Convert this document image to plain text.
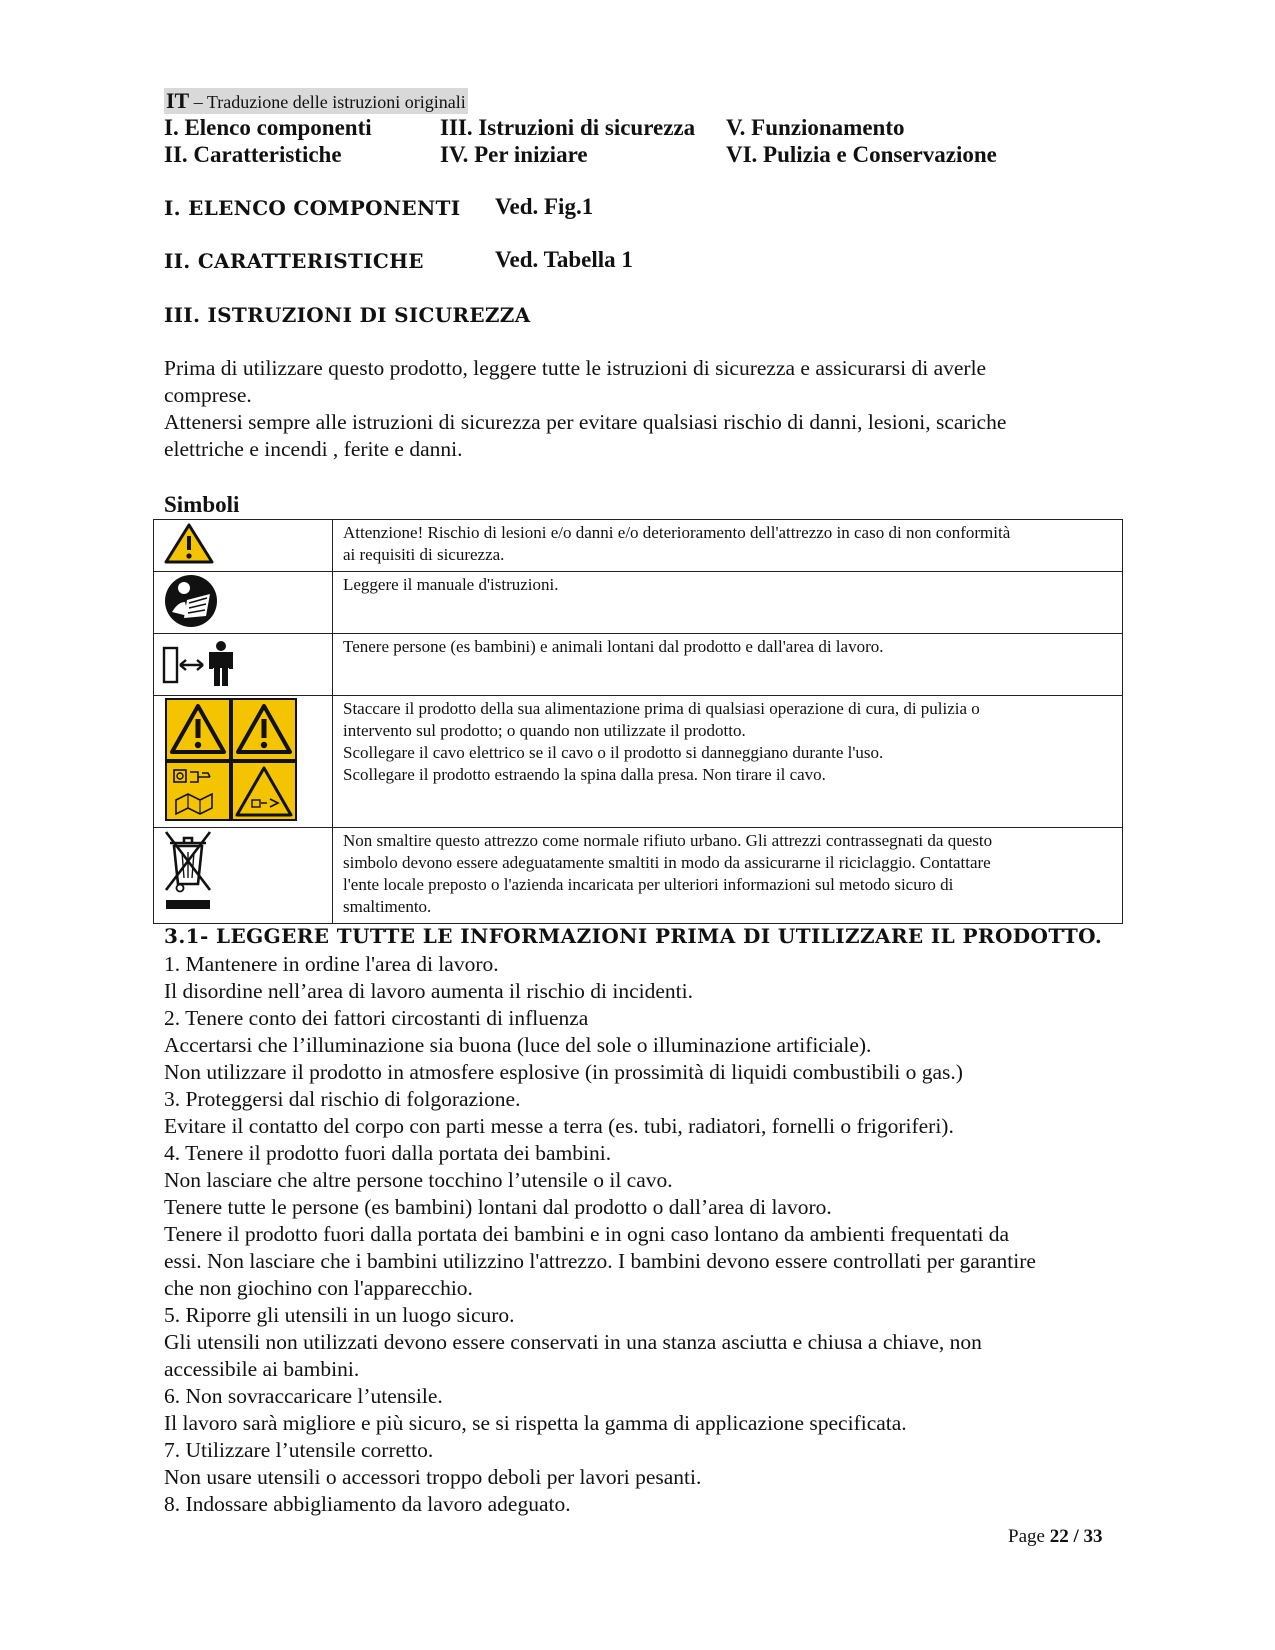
IT – Traduzione delle istruzioni originali
I. Elenco componenti
II. Caratteristiche
III. Istruzioni di sicurezza
IV. Per iniziare
V. Funzionamento
VI. Pulizia e Conservazione
I. ELENCO COMPONENTI Ved. Fig.1
II. CARATTERISTICHE	Ved. Tabella 1
III. ISTRUZIONI DI SICUREZZA

Prima di utilizzare questo prodotto, leggere tutte le istruzioni di sicurezza e assicurarsi di averle

comprese.

Attenersi sempre alle istruzioni di sicurezza per evitare qualsiasi rischio di danni, lesioni, scariche

elettriche e incendi , ferite e danni.

Simboli

Attenzione! Rischio di lesioni e/o danni e/o deterioramento dell'attrezzo in caso di non conformità
ai requisiti di sicurezza.

Leggere il manuale d'istruzioni.

Tenere persone (es bambini) e animali lontani dal prodotto e dall'area di lavoro.

Staccare il prodotto della sua alimentazione prima di qualsiasi operazione di cura, di pulizia o
intervento sul prodotto; o quando non utilizzate il prodotto.
Scollegare il cavo elettrico se il cavo o il prodotto si danneggiano durante l'uso.
Scollegare il prodotto estraendo la spina dalla presa. Non tirare il cavo.

Non smaltire questo attrezzo come normale rifiuto urbano. Gli attrezzi contrassegnati da questo
simbolo devono essere adeguatamente smaltiti in modo da assicurarne il riciclaggio. Contattare
l'ente locale preposto o l'azienda incaricata per ulteriori informazioni sul metodo sicuro di
smaltimento.
3.1- LEGGERE TUTTE LE INFORMAZIONI PRIMA DI UTILIZZARE IL PRODOTTO.
1. Mantenere in ordine l'area di lavoro.
Il disordine nell’area di lavoro aumenta il rischio di incidenti.
2. Tenere conto dei fattori circostanti di influenza
Accertarsi che l’illuminazione sia buona (luce del sole o illuminazione artificiale).
Non utilizzare il prodotto in atmosfere esplosive (in prossimità di liquidi combustibili o gas.)
3. Proteggersi dal rischio di folgorazione.
Evitare il contatto del corpo con parti messe a terra (es. tubi, radiatori, fornelli o frigoriferi).
4. Tenere il prodotto fuori dalla portata dei bambini.
Non lasciare che altre persone tocchino l’utensile o il cavo.
Tenere tutte le persone (es bambini) lontani dal prodotto o dall’area di lavoro.
Tenere il prodotto fuori dalla portata dei bambini e in ogni caso lontano da ambienti frequentati da
essi. Non lasciare che i bambini utilizzino l'attrezzo. I bambini devono essere controllati per garantire
che non giochino con l'apparecchio.
5. Riporre gli utensili in un luogo sicuro.
Gli utensili non utilizzati devono essere conservati in una stanza asciutta e chiusa a chiave, non
accessibile ai bambini.
6. Non sovraccaricare l’utensile.
Il lavoro sarà migliore e più sicuro, se si rispetta la gamma di applicazione specificata.
7. Utilizzare l’utensile corretto.
Non usare utensili o accessori troppo deboli per lavori pesanti.
8. Indossare abbigliamento da lavoro adeguato.
Page 22 / 33
